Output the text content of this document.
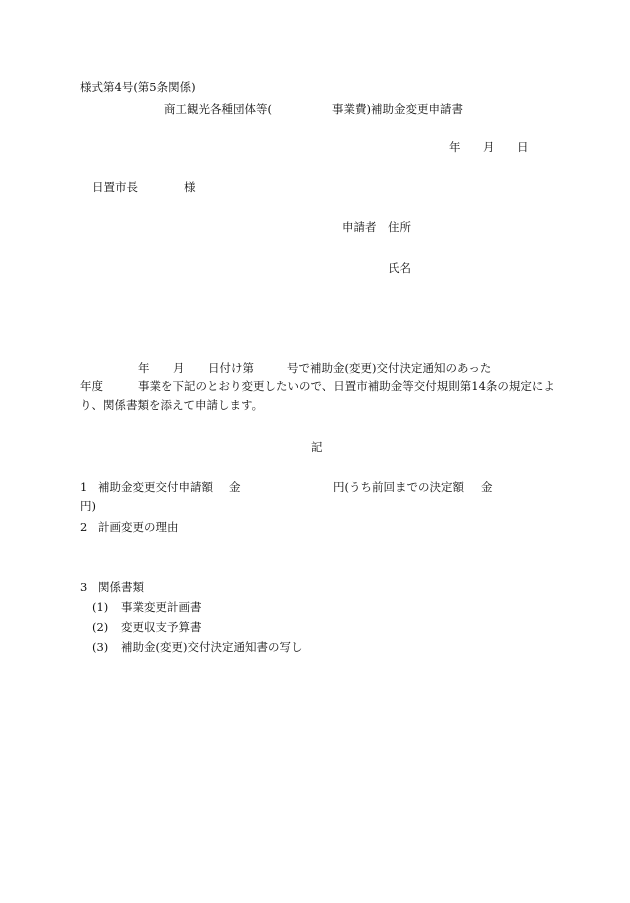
様式第4号(第5条関係)
商工観光各種団体等(	事業費)補助金変更申請書
年 月 日
日置市長	様
申請者 住所
氏名
年 月 日付け第	号で補助金(変更)交付決定通知のあった
年度	事業を下記のとおり変更したいので、日置市補助金等交付規則第14条の規定によ
り、関係書類を添えて申請します。
記
1 補助金変更交付申請額 金	円(うち前回までの決定額 金
円)
2 計画変更の理由
3 関係書類
(1) 事業変更計画書
(2) 変更収支予算書
(3) 補助金(変更)交付決定通知書の写し
